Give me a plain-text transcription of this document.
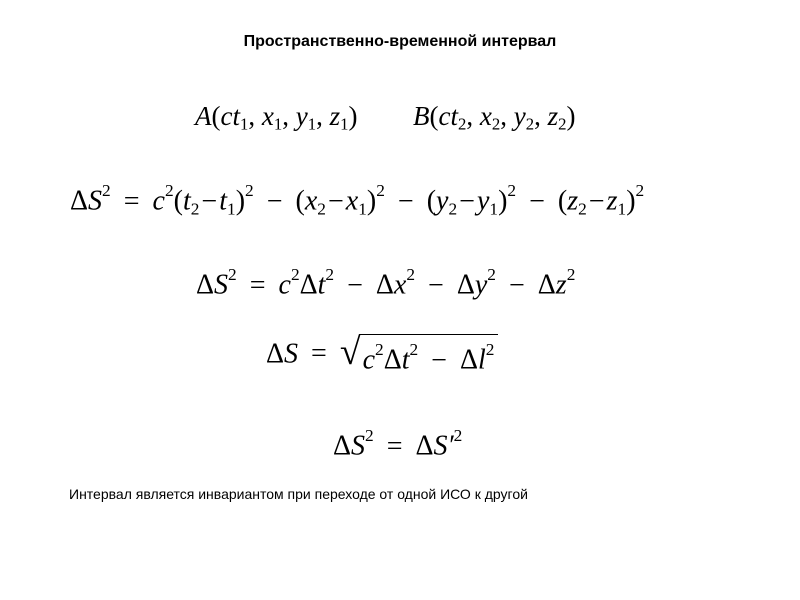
Пространственно-временной интервал
$A(ct_1$, $x_1$, $y_1$, $z_1$) $B(ct_2$, $x_2$, $y_2$, $z_2$)
$\Delta S^2 = c^2(t_2-t_1)^2 - (x_2-x_1)^2 - (y_2-y_1)^2 - (z_2-z_1)^2$
$\Delta S^2 = c^2\Delta t^2 - \Delta x^2 - \Delta y^2 - \Delta z^2$
$\Delta S = √c^2\Delta t^2 - \Delta l^2$
$\Delta S^2 = \Delta S'^2$

Интервал является инвариантом при переходе от одной ИСО к другой
